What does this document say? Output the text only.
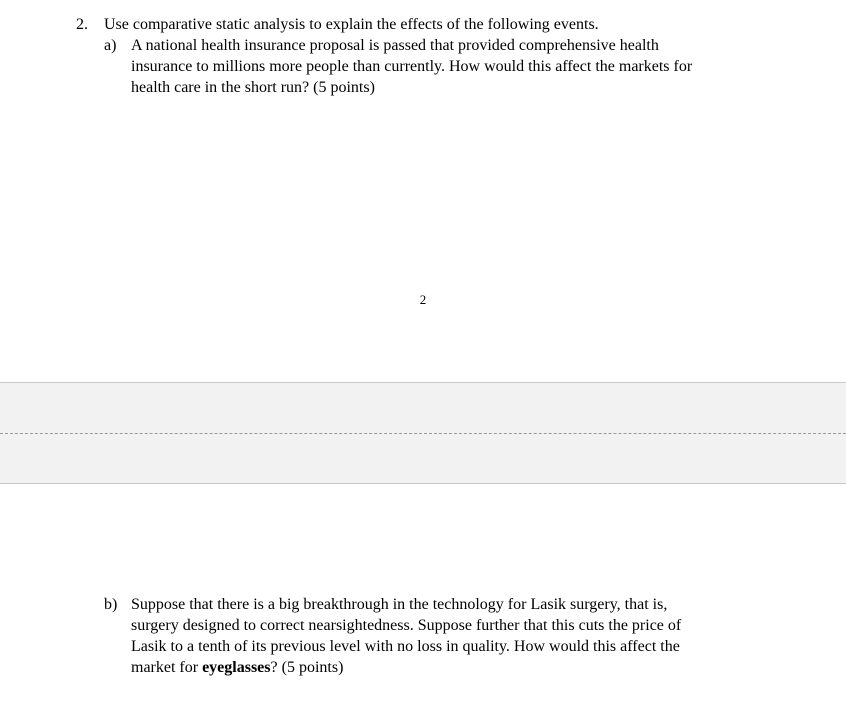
2. Use comparative static analysis to explain the effects of the following events.
a) A national health insurance proposal is passed that provided comprehensive health
insurance to millions more people than currently. How would this affect the markets for
health care in the short run? (5 points)
2
b) Suppose that there is a big breakthrough in the technology for Lasik surgery, that is,
surgery designed to correct nearsightedness. Suppose further that this cuts the price of
Lasik to a tenth of its previous level with no loss in quality. How would this affect the
market for eyeglasses? (5 points)
